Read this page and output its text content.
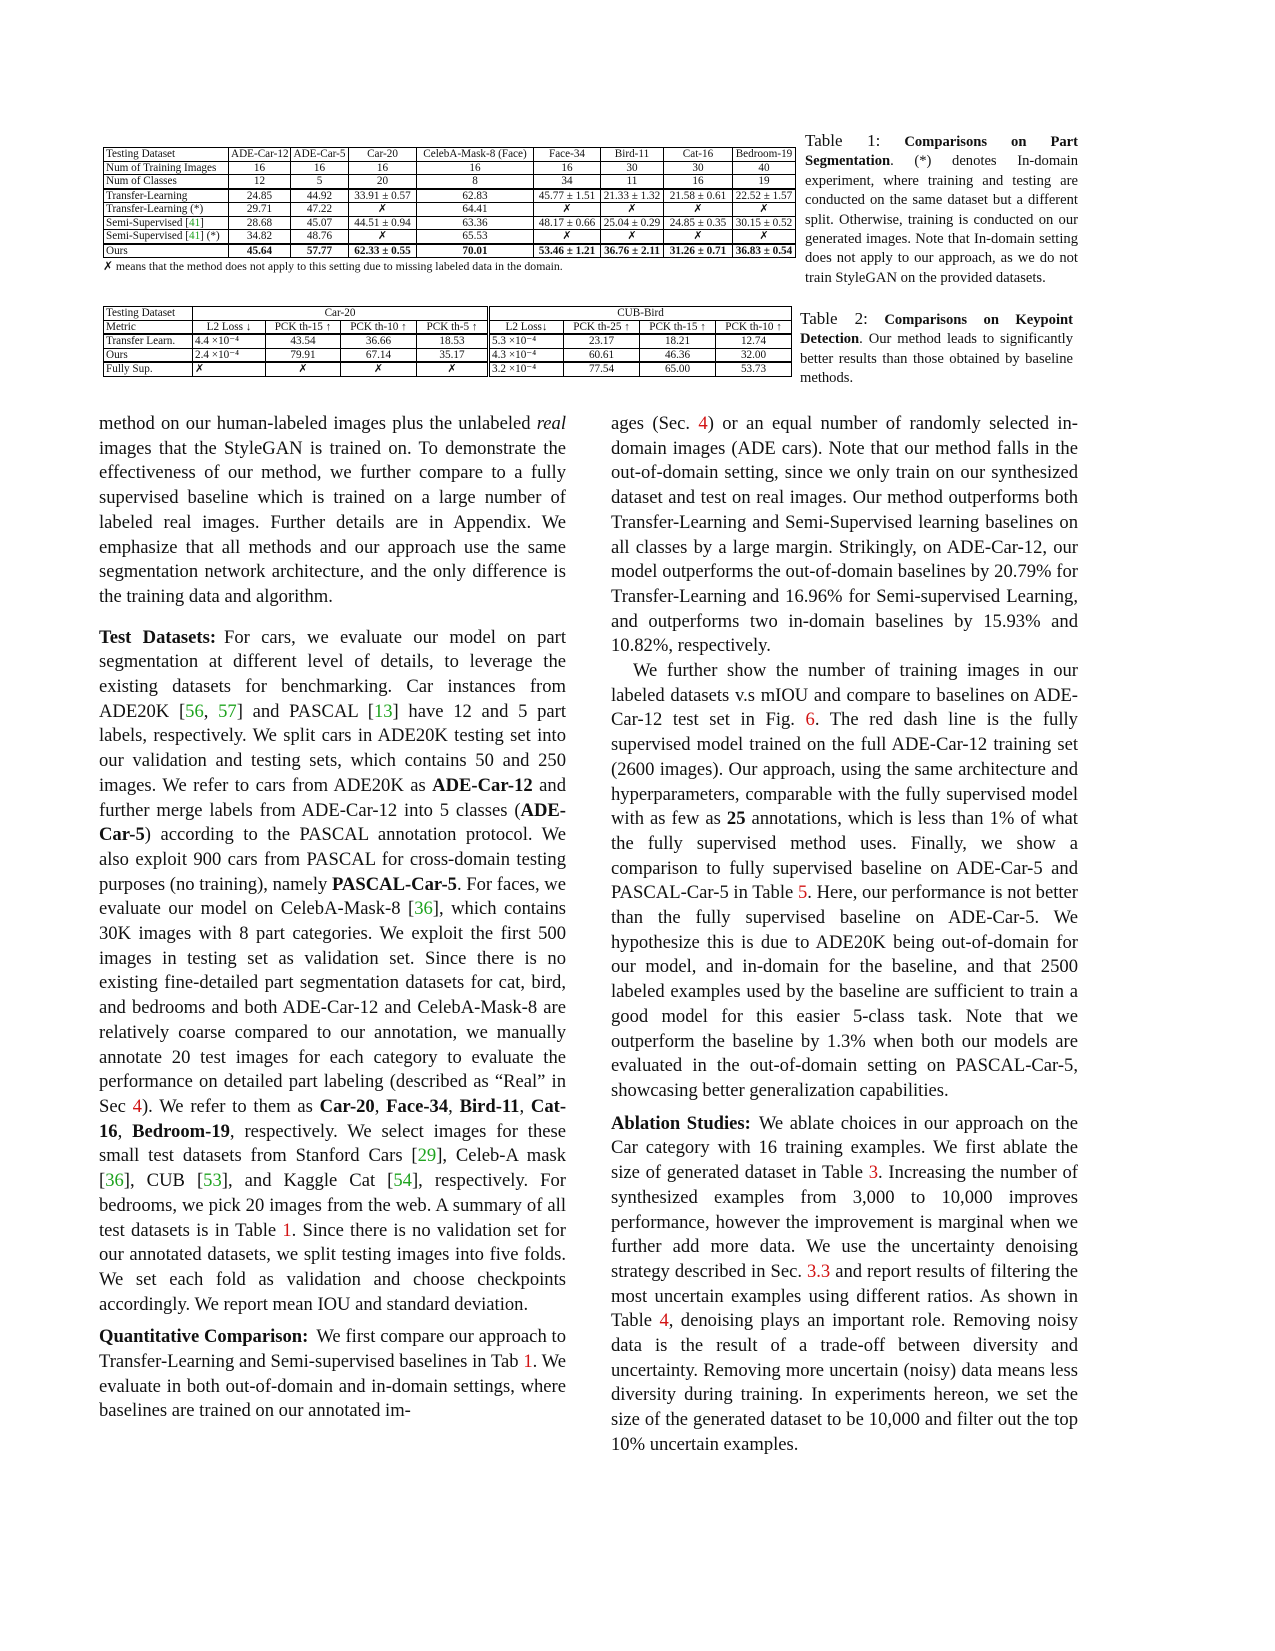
Testing Dataset	ADE-Car-12	ADE-Car-5	Car-20	CelebA-Mask-8 (Face)	Face-34	Bird-11	Cat-16	Bedroom-19
Num of Training Images	16	16	16	16	16	30	30	40
Num of Classes	12	5	20	8	34	11	16	19
Transfer-Learning	24.85	44.92	33.91 ± 0.57	62.83	45.77 ± 1.51	21.33 ± 1.32	21.58 ± 0.61	22.52 ± 1.57
Transfer-Learning (*)	29.71	47.22	✗	64.41	✗	✗	✗	✗
Semi-Supervised [41]	28.68	45.07	44.51 ± 0.94	63.36	48.17 ± 0.66	25.04 ± 0.29	24.85 ± 0.35	30.15 ± 0.52
Semi-Supervised [41] (*)	34.82	48.76	✗	65.53	✗	✗	✗	✗
Ours	45.64	57.77	62.33 ± 0.55	70.01	53.46 ± 1.21	36.76 ± 2.11	31.26 ± 0.71	36.83 ± 0.54
✗ means that the method does not apply to this setting due to missing labeled data in the domain.
Table 1: Comparisons on Part Segmentation. (*) denotes In-domain experiment, where training and testing are conducted on the same dataset but a different split. Otherwise, training is conducted on our generated images. Note that In-domain setting does not apply to our approach, as we do not train StyleGAN on the provided datasets.
Testing Dataset	Car-20				CUB-Bird			
Metric	L2 Loss ↓	PCK th-15 ↑	PCK th-10 ↑	PCK th-5 ↑	L2 Loss↓	PCK th-25 ↑	PCK th-15 ↑	PCK th-10 ↑
Transfer Learn.	4.4 ×10⁻⁴	43.54	36.66	18.53	5.3 ×10⁻⁴	23.17	18.21	12.74
Ours	2.4 ×10⁻⁴	79.91	67.14	35.17	4.3 ×10⁻⁴	60.61	46.36	32.00
Fully Sup.	✗	✗	✗	✗	3.2 ×10⁻⁴	77.54	65.00	53.73
Table 2: Comparisons on Keypoint Detection. Our method leads to significantly better results than those obtained by baseline methods.

method on our human-labeled images plus the unlabeled real images that the StyleGAN is trained on. To demonstrate the effectiveness of our method, we further compare to a fully supervised baseline which is trained on a large number of labeled real images. Further details are in Appendix. We emphasize that all methods and our approach use the same segmentation network architecture, and the only difference is the training data and algorithm.

Test Datasets: For cars, we evaluate our model on part segmentation at different level of details, to leverage the existing datasets for benchmarking. Car instances from ADE20K [56, 57] and PASCAL [13] have 12 and 5 part labels, respectively. We split cars in ADE20K testing set into our validation and testing sets, which contains 50 and 250 images. We refer to cars from ADE20K as ADE-Car-12 and further merge labels from ADE-Car-12 into 5 classes (ADE-Car-5) according to the PASCAL annotation protocol. We also exploit 900 cars from PASCAL for cross-domain testing purposes (no training), namely PASCAL-Car-5. For faces, we evaluate our model on CelebA-Mask-8 [36], which contains 30K images with 8 part categories. We exploit the first 500 images in testing set as validation set. Since there is no existing fine-detailed part segmentation datasets for cat, bird, and bedrooms and both ADE-Car-12 and CelebA-Mask-8 are relatively coarse compared to our annotation, we manually annotate 20 test images for each category to evaluate the performance on detailed part labeling (described as “Real” in Sec 4). We refer to them as Car-20, Face-34, Bird-11, Cat-16, Bedroom-19, respectively. We select images for these small test datasets from Stanford Cars [29], Celeb-A mask [36], CUB [53], and Kaggle Cat [54], respectively. For bedrooms, we pick 20 images from the web. A summary of all test datasets is in Table 1. Since there is no validation set for our annotated datasets, we split testing images into five folds. We set each fold as validation and choose checkpoints accordingly. We report mean IOU and standard deviation.

Quantitative Comparison: We first compare our approach to Transfer-Learning and Semi-supervised baselines in Tab 1. We evaluate in both out-of-domain and in-domain settings, where baselines are trained on our annotated im-

ages (Sec. 4) or an equal number of randomly selected in-domain images (ADE cars). Note that our method falls in the out-of-domain setting, since we only train on our synthesized dataset and test on real images. Our method outperforms both Transfer-Learning and Semi-Supervised learning baselines on all classes by a large margin. Strikingly, on ADE-Car-12, our model outperforms the out-of-domain baselines by 20.79% for Transfer-Learning and 16.96% for Semi-supervised Learning, and outperforms two in-domain baselines by 15.93% and 10.82%, respectively.

We further show the number of training images in our labeled datasets v.s mIOU and compare to baselines on ADE-Car-12 test set in Fig. 6. The red dash line is the fully supervised model trained on the full ADE-Car-12 training set (2600 images). Our approach, using the same architecture and hyperparameters, comparable with the fully supervised model with as few as 25 annotations, which is less than 1% of what the fully supervised method uses. Finally, we show a comparison to fully supervised baseline on ADE-Car-5 and PASCAL-Car-5 in Table 5. Here, our performance is not better than the fully supervised baseline on ADE-Car-5. We hypothesize this is due to ADE20K being out-of-domain for our model, and in-domain for the baseline, and that 2500 labeled examples used by the baseline are sufficient to train a good model for this easier 5-class task. Note that we outperform the baseline by 1.3% when both our models are evaluated in the out-of-domain setting on PASCAL-Car-5, showcasing better generalization capabilities.

Ablation Studies: We ablate choices in our approach on the Car category with 16 training examples. We first ablate the size of generated dataset in Table 3. Increasing the number of synthesized examples from 3,000 to 10,000 improves performance, however the improvement is marginal when we further add more data. We use the uncertainty denoising strategy described in Sec. 3.3 and report results of filtering the most uncertain examples using different ratios. As shown in Table 4, denoising plays an important role. Removing noisy data is the result of a trade-off between diversity and uncertainty. Removing more uncertain (noisy) data means less diversity during training. In experiments hereon, we set the size of the generated dataset to be 10,000 and filter out the top 10% uncertain examples.
